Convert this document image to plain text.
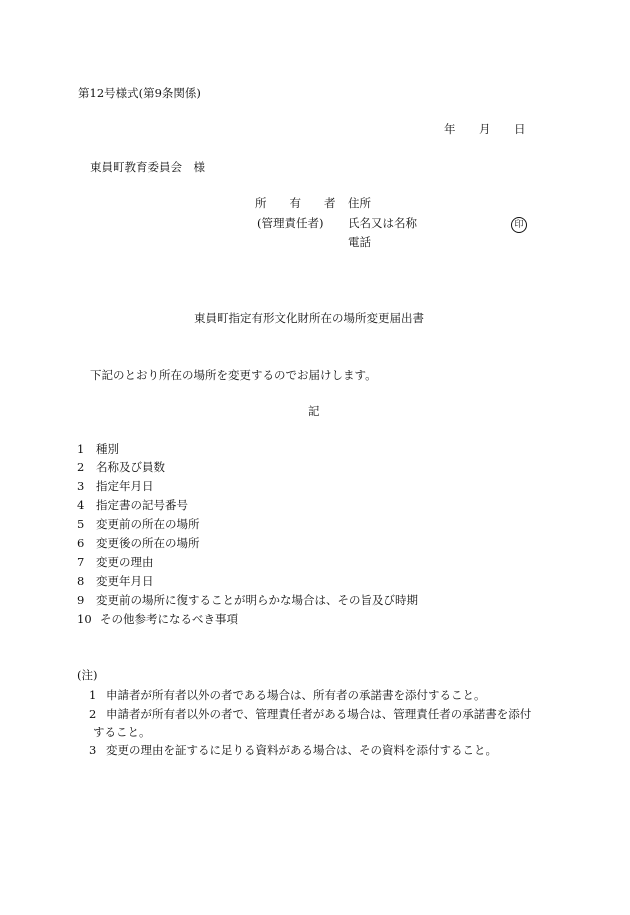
第12号様式(第9条関係)
年 月 日
東員町教育委員会　様
所　　有　　者 住所
(管理責任者) 氏名又は名称	印
電話
東員町指定有形文化財所在の場所変更届出書
下記のとおり所在の場所を変更するのでお届けします。
記
1 種別
2 名称及び員数
3 指定年月日
4 指定書の記号番号
5 変更前の所在の場所
6 変更後の所在の場所
7 変更の理由
8 変更年月日
9 変更前の場所に復することが明らかな場合は、その旨及び時期
10 その他参考になるべき事項
(注)
1 申請者が所有者以外の者である場合は、所有者の承諾書を添付すること。
2 申請者が所有者以外の者で、管理責任者がある場合は、管理責任者の承諾書を添付
すること。
3 変更の理由を証するに足りる資料がある場合は、その資料を添付すること。
